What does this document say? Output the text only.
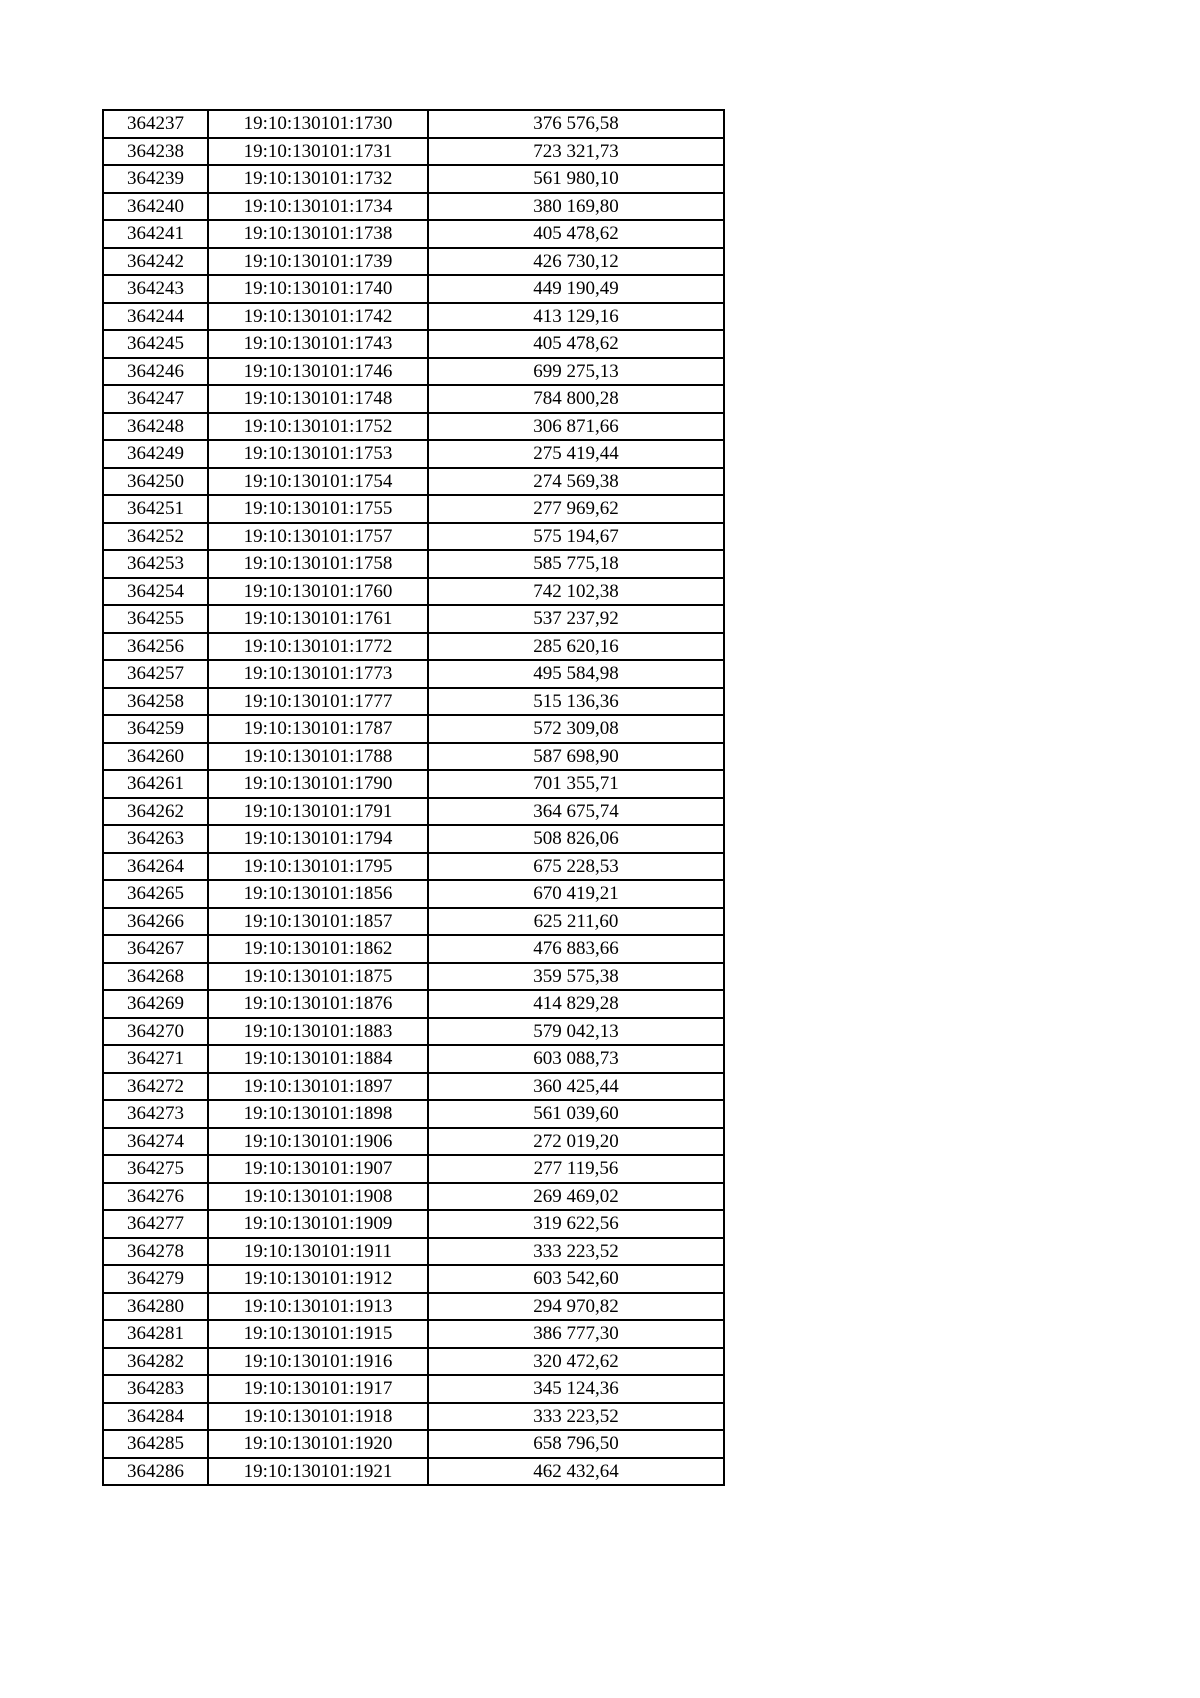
364237	19:10:130101:1730	376 576,58
364238	19:10:130101:1731	723 321,73
364239	19:10:130101:1732	561 980,10
364240	19:10:130101:1734	380 169,80
364241	19:10:130101:1738	405 478,62
364242	19:10:130101:1739	426 730,12
364243	19:10:130101:1740	449 190,49
364244	19:10:130101:1742	413 129,16
364245	19:10:130101:1743	405 478,62
364246	19:10:130101:1746	699 275,13
364247	19:10:130101:1748	784 800,28
364248	19:10:130101:1752	306 871,66
364249	19:10:130101:1753	275 419,44
364250	19:10:130101:1754	274 569,38
364251	19:10:130101:1755	277 969,62
364252	19:10:130101:1757	575 194,67
364253	19:10:130101:1758	585 775,18
364254	19:10:130101:1760	742 102,38
364255	19:10:130101:1761	537 237,92
364256	19:10:130101:1772	285 620,16
364257	19:10:130101:1773	495 584,98
364258	19:10:130101:1777	515 136,36
364259	19:10:130101:1787	572 309,08
364260	19:10:130101:1788	587 698,90
364261	19:10:130101:1790	701 355,71
364262	19:10:130101:1791	364 675,74
364263	19:10:130101:1794	508 826,06
364264	19:10:130101:1795	675 228,53
364265	19:10:130101:1856	670 419,21
364266	19:10:130101:1857	625 211,60
364267	19:10:130101:1862	476 883,66
364268	19:10:130101:1875	359 575,38
364269	19:10:130101:1876	414 829,28
364270	19:10:130101:1883	579 042,13
364271	19:10:130101:1884	603 088,73
364272	19:10:130101:1897	360 425,44
364273	19:10:130101:1898	561 039,60
364274	19:10:130101:1906	272 019,20
364275	19:10:130101:1907	277 119,56
364276	19:10:130101:1908	269 469,02
364277	19:10:130101:1909	319 622,56
364278	19:10:130101:1911	333 223,52
364279	19:10:130101:1912	603 542,60
364280	19:10:130101:1913	294 970,82
364281	19:10:130101:1915	386 777,30
364282	19:10:130101:1916	320 472,62
364283	19:10:130101:1917	345 124,36
364284	19:10:130101:1918	333 223,52
364285	19:10:130101:1920	658 796,50
364286	19:10:130101:1921	462 432,64
